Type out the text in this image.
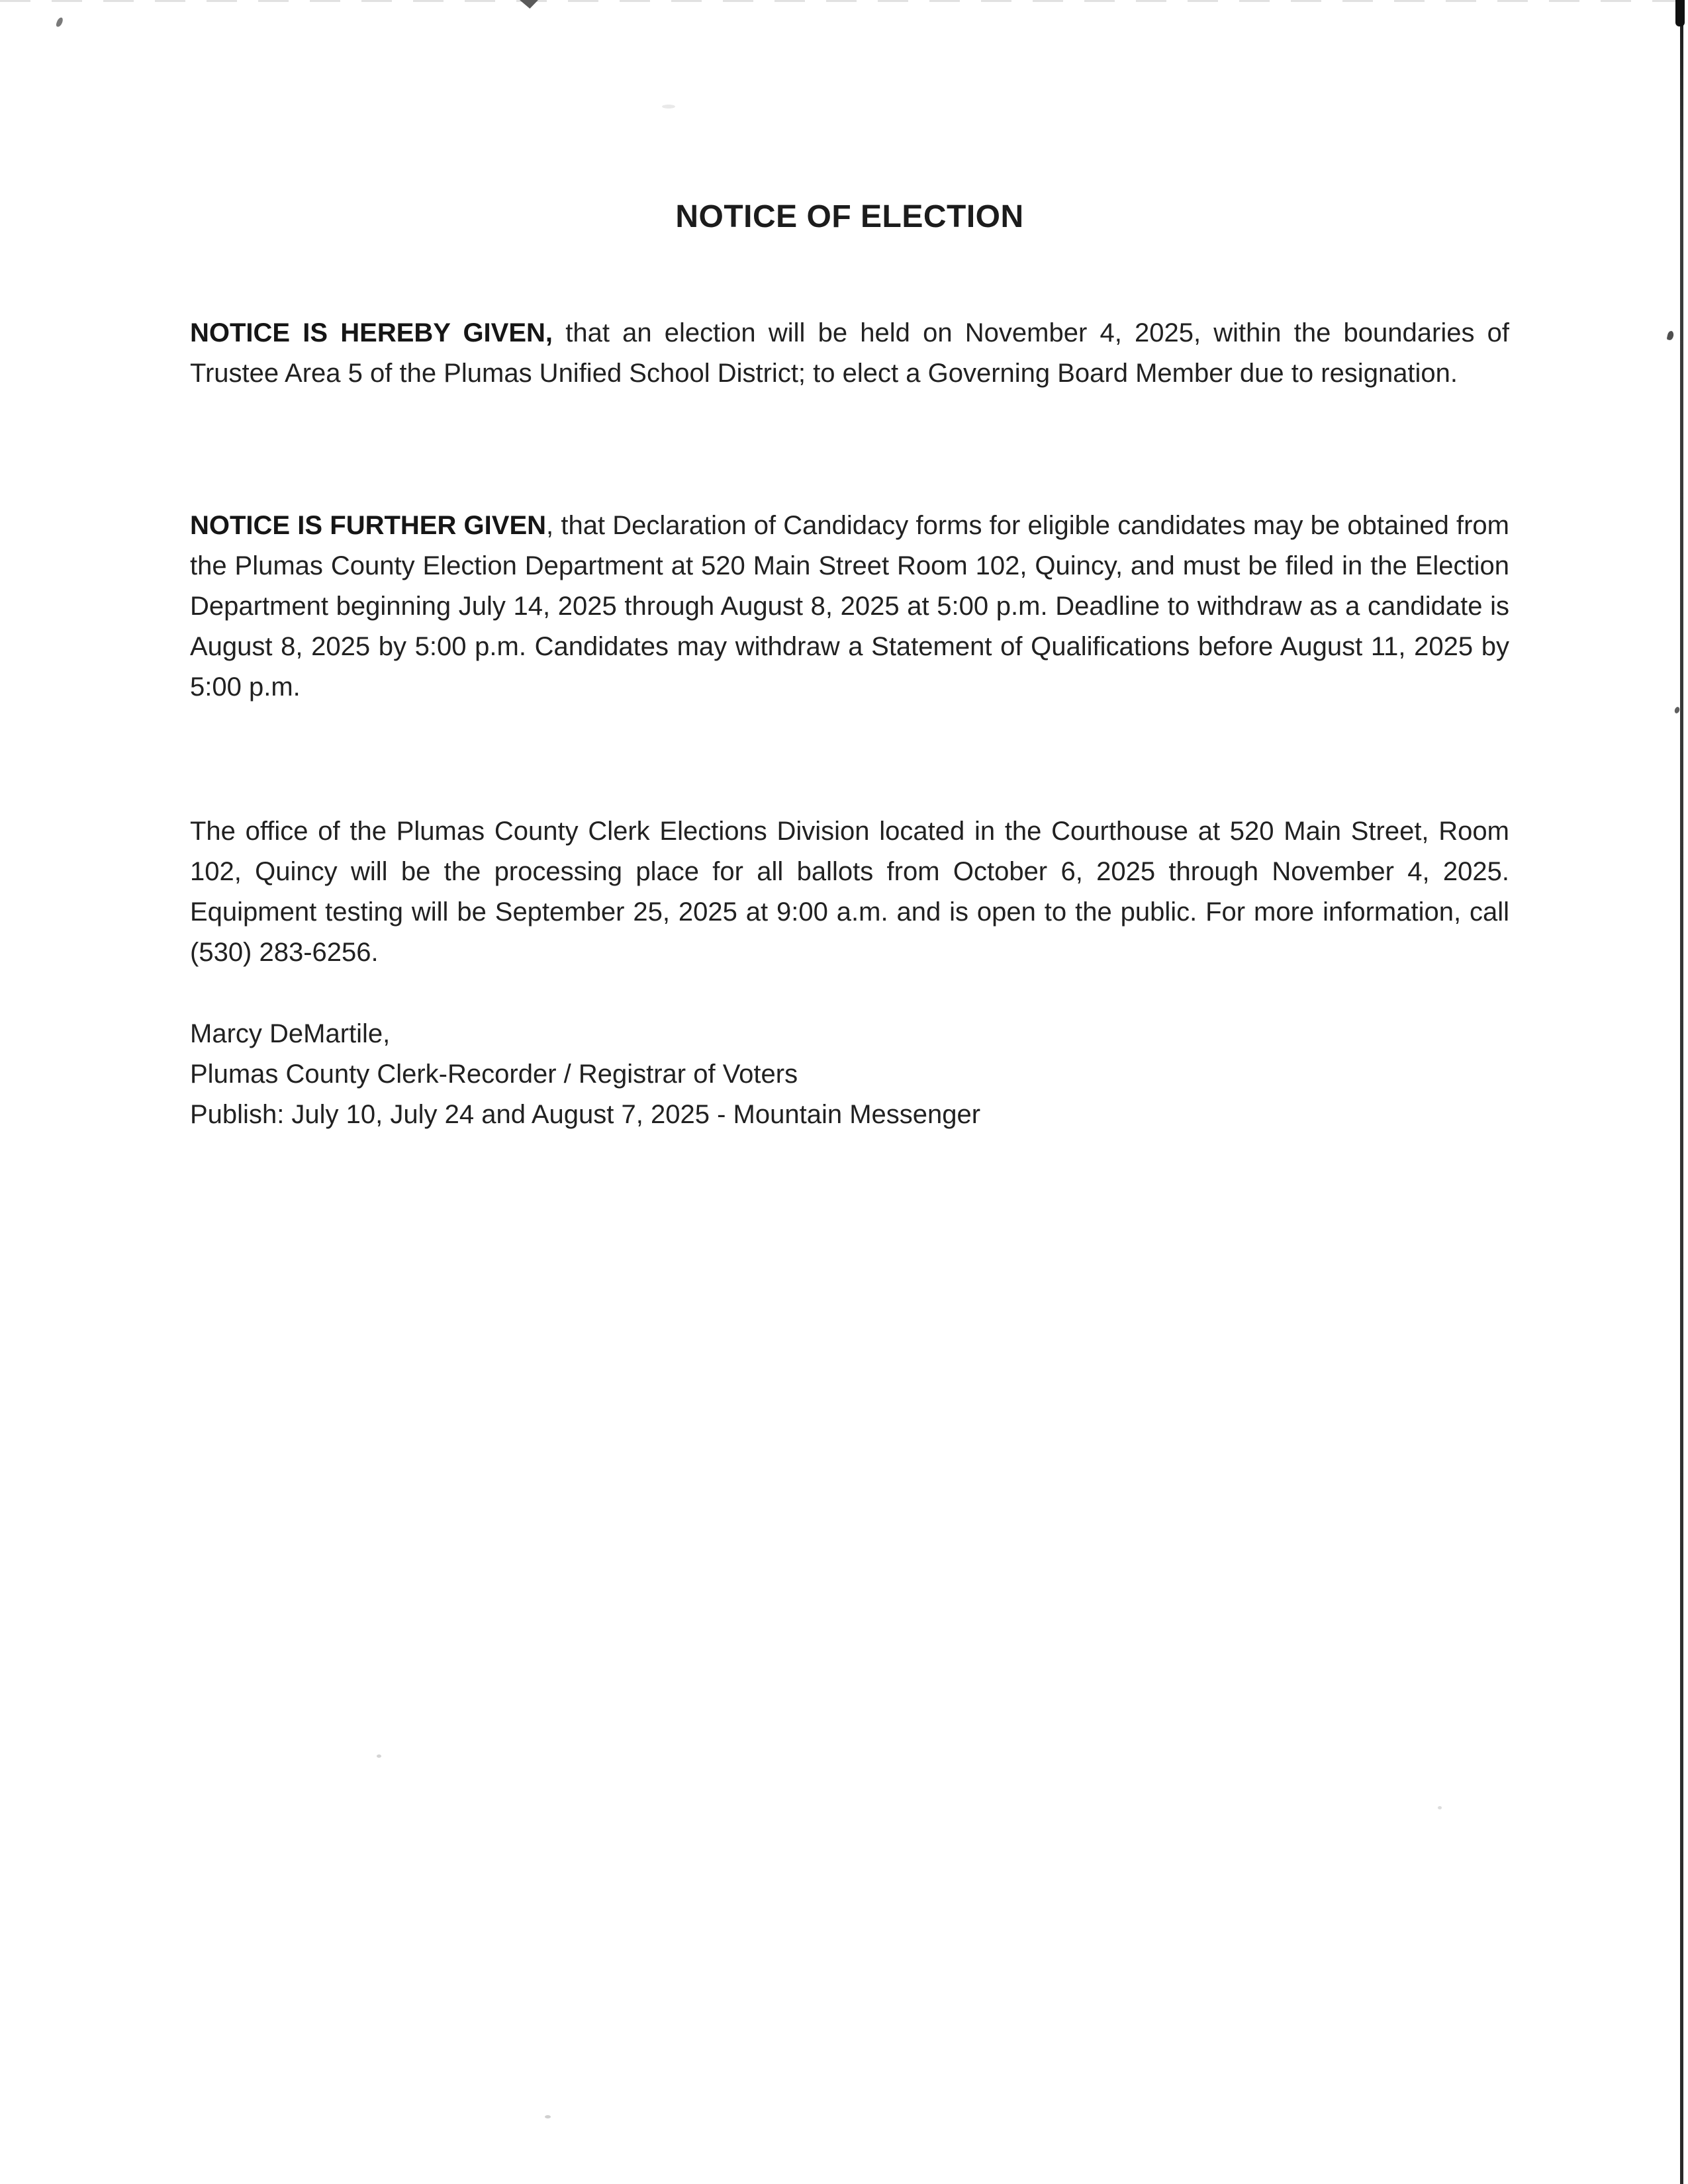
NOTICE OF ELECTION

NOTICE IS HEREBY GIVEN, that an election will be held on November 4, 2025, within the boundaries of Trustee Area 5 of the Plumas Unified School District; to elect a Governing Board Member due to resignation.

NOTICE IS FURTHER GIVEN, that Declaration of Candidacy forms for eligible candidates may be obtained from the Plumas County Election Department at 520 Main Street Room 102, Quincy, and must be filed in the Election Department beginning July 14, 2025 through August 8, 2025 at 5:00 p.m. Deadline to withdraw as a candidate is August 8, 2025 by 5:00 p.m. Candidates may withdraw a Statement of Qualifications before August 11, 2025 by 5:00 p.m.

The office of the Plumas County Clerk Elections Division located in the Courthouse at 520 Main Street, Room 102, Quincy will be the processing place for all ballots from October 6, 2025 through November 4, 2025. Equipment testing will be September 25, 2025 at 9:00 a.m. and is open to the public. For more information, call (530) 283-6256.

Marcy DeMartile,
Plumas County Clerk-Recorder / Registrar of Voters
Publish: July 10, July 24 and August 7, 2025 - Mountain Messenger
